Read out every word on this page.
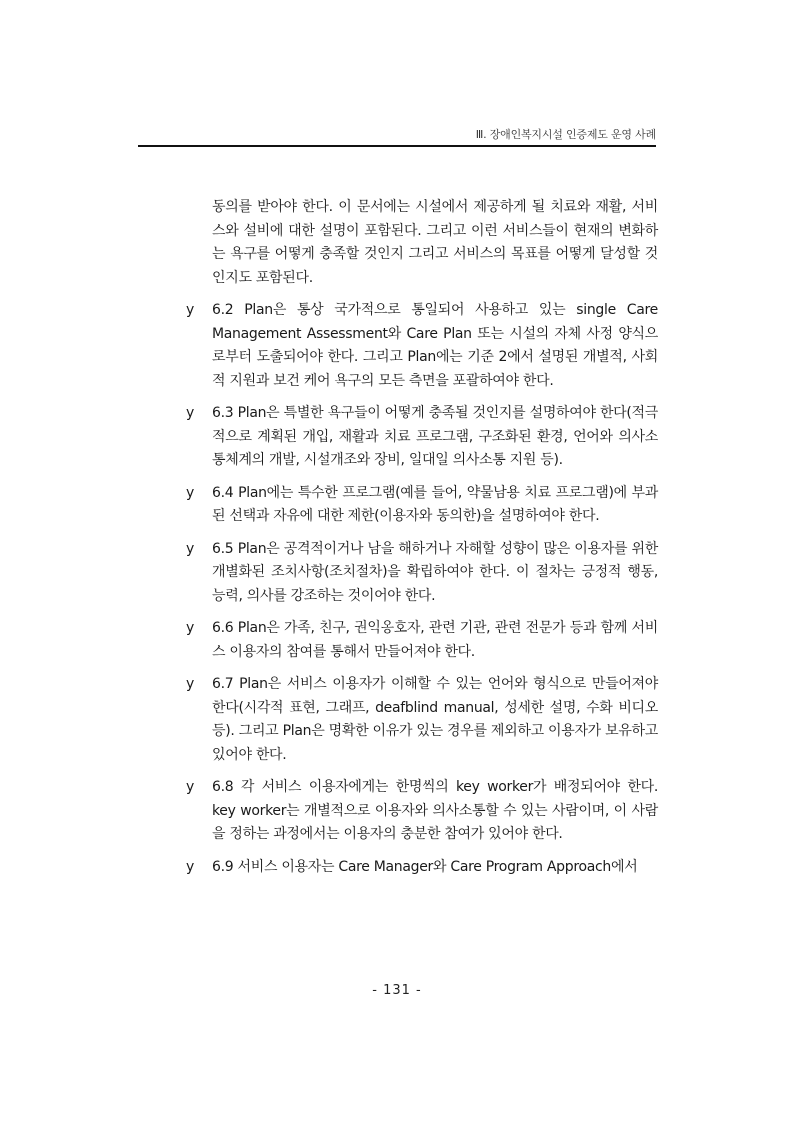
Ⅲ. 장애인복지시설 인증제도 운영 사례

동의를 받아야 한다. 이 문서에는 시설에서 제공하게 될 치료와 재활, 서비스와 설비에 대한 설명이 포함된다. 그리고 이런 서비스들이 현재의 변화하는 욕구를 어떻게 충족할 것인지 그리고 서비스의 목표를 어떻게 달성할 것인지도 포함된다.

y	6.2 Plan은 통상 국가적으로 통일되어 사용하고 있는 single Care Management Assessment와 Care Plan 또는 시설의 자체 사정 양식으로부터 도출되어야 한다. 그리고 Plan에는 기준 2에서 설명된 개별적, 사회적 지원과 보건 케어 욕구의 모든 측면을 포괄하여야 한다.

y	6.3 Plan은 특별한 욕구들이 어떻게 충족될 것인지를 설명하여야 한다(적극적으로 계획된 개입, 재활과 치료 프로그램, 구조화된 환경, 언어와 의사소통체계의 개발, 시설개조와 장비, 일대일 의사소통 지원 등).

y	6.4 Plan에는 특수한 프로그램(예를 들어, 약물남용 치료 프로그램)에 부과된 선택과 자유에 대한 제한(이용자와 동의한)을 설명하여야 한다.

y	6.5 Plan은 공격적이거나 남을 해하거나 자해할 성향이 많은 이용자를 위한 개별화된 조치사항(조치절차)을 확립하여야 한다. 이 절차는 긍정적 행동, 능력, 의사를 강조하는 것이어야 한다.

y	6.6 Plan은 가족, 친구, 권익옹호자, 관련 기관, 관련 전문가 등과 함께 서비스 이용자의 참여를 통해서 만들어져야 한다.

y	6.7 Plan은 서비스 이용자가 이해할 수 있는 언어와 형식으로 만들어져야 한다(시각적 표현, 그래프, deafblind manual, 성세한 설명, 수화 비디오 등). 그리고 Plan은 명확한 이유가 있는 경우를 제외하고 이용자가 보유하고 있어야 한다.

y	6.8 각 서비스 이용자에게는 한명씩의 key worker가 배정되어야 한다. key worker는 개별적으로 이용자와 의사소통할 수 있는 사람이며, 이 사람을 정하는 과정에서는 이용자의 충분한 참여가 있어야 한다.

y	6.9 서비스 이용자는 Care Manager와 Care Program Approach에서

- 131 -
